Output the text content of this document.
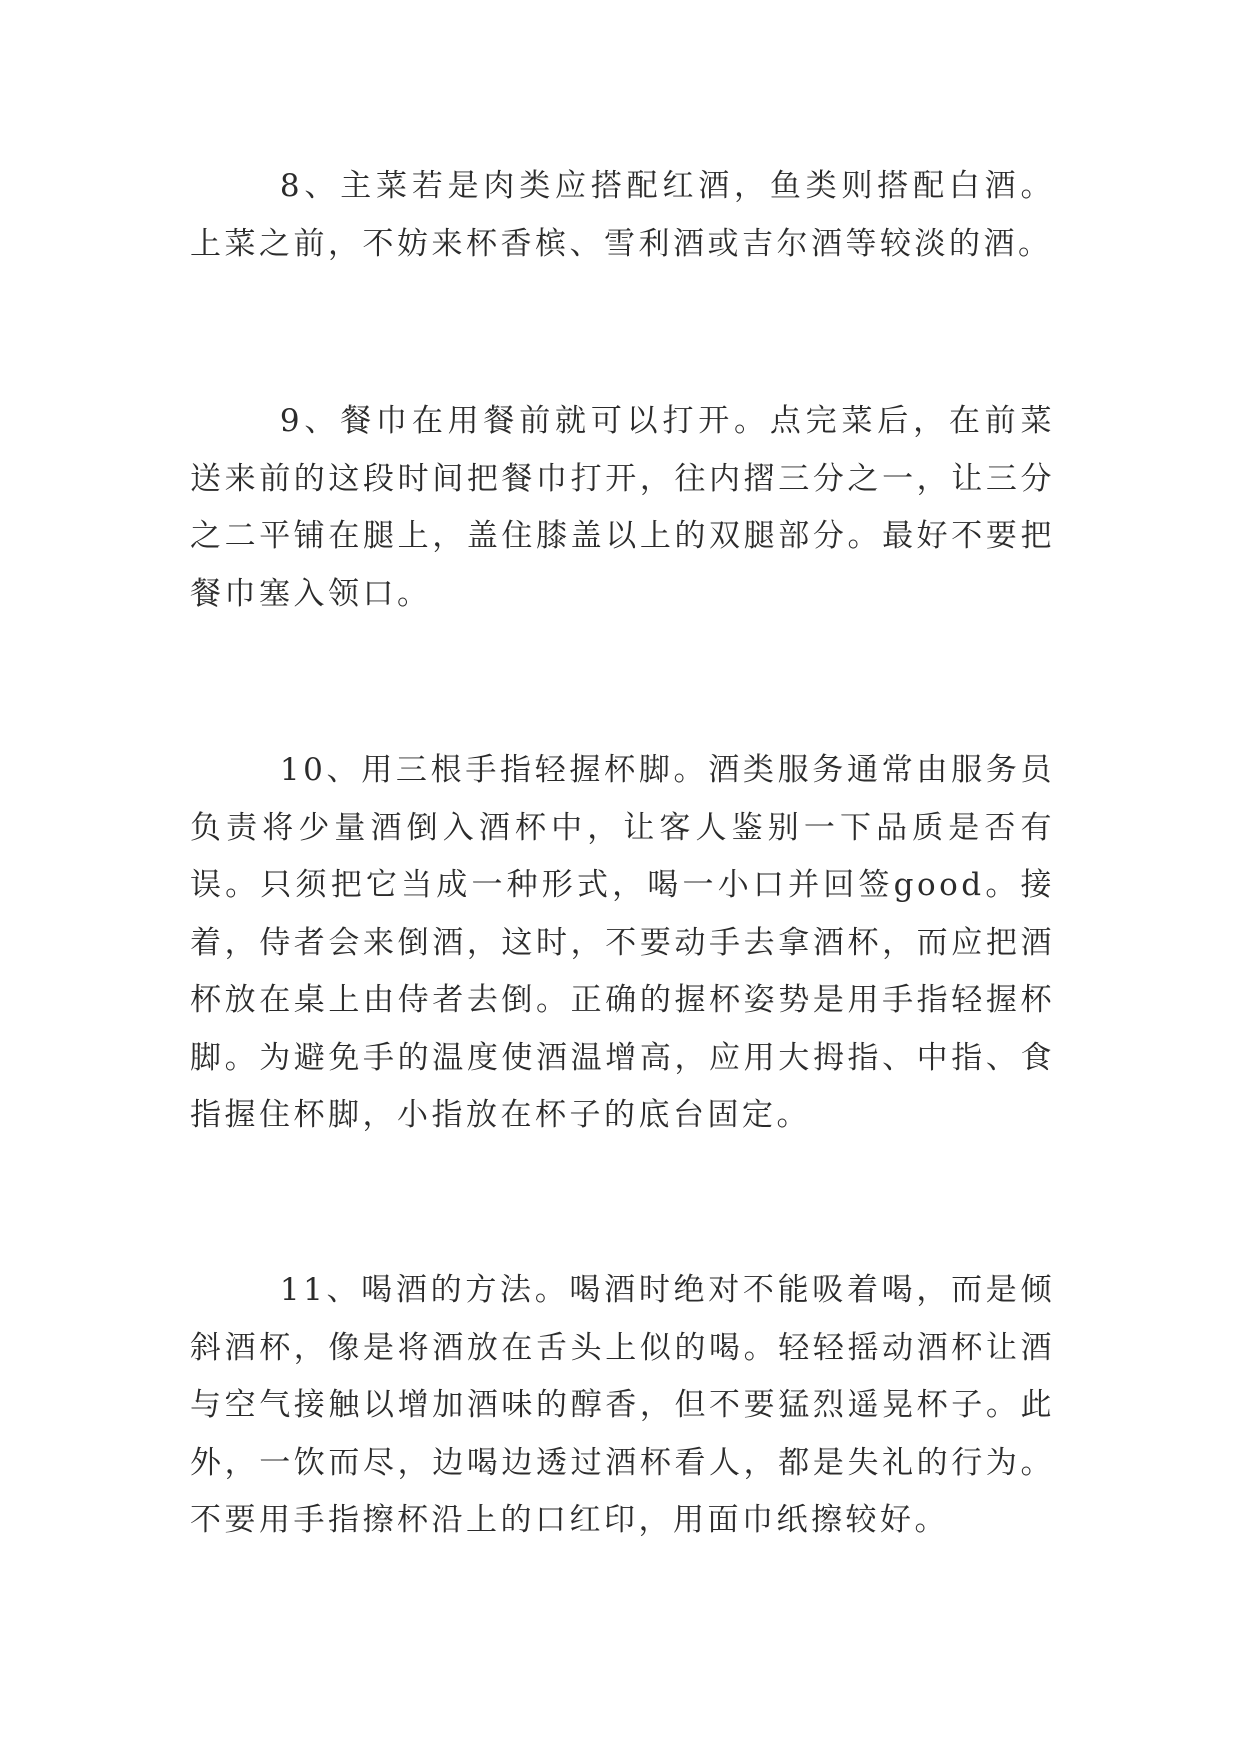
8、主菜若是肉类应搭配红酒，鱼类则搭配白酒。上菜之前，不妨来杯香槟、雪利酒或吉尔酒等较淡的酒。

9、餐巾在用餐前就可以打开。点完菜后，在前菜送来前的这段时间把餐巾打开，往内摺三分之一，让三分之二平铺在腿上，盖住膝盖以上的双腿部分。最好不要把餐巾塞入领口。

10、用三根手指轻握杯脚。酒类服务通常由服务员负责将少量酒倒入酒杯中，让客人鉴别一下品质是否有误。只须把它当成一种形式，喝一小口并回签good。接着，侍者会来倒酒，这时，不要动手去拿酒杯，而应把酒杯放在桌上由侍者去倒。正确的握杯姿势是用手指轻握杯脚。为避免手的温度使酒温增高，应用大拇指、中指、食指握住杯脚，小指放在杯子的底台固定。

11、喝酒的方法。喝酒时绝对不能吸着喝，而是倾斜酒杯，像是将酒放在舌头上似的喝。轻轻摇动酒杯让酒与空气接触以增加酒味的醇香，但不要猛烈遥晃杯子。此外，一饮而尽，边喝边透过酒杯看人，都是失礼的行为。不要用手指擦杯沿上的口红印，用面巾纸擦较好。
